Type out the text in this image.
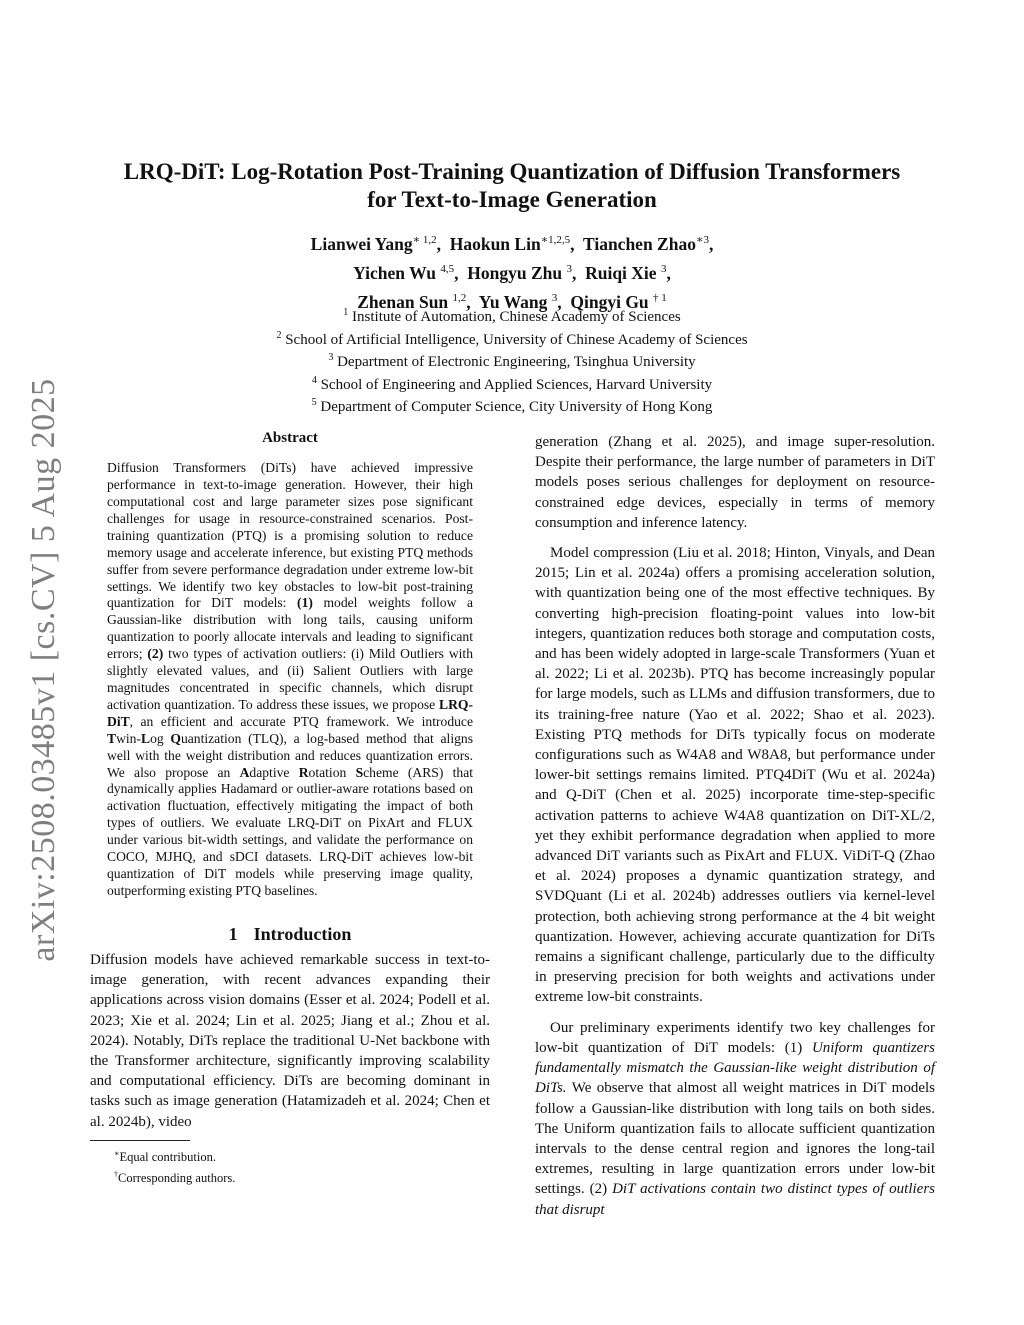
arXiv:2508.03485v1 [cs.CV] 5 Aug 2025
LRQ-DiT: Log-Rotation Post-Training Quantization of Diffusion Transformers
for Text-to-Image Generation
Lianwei Yang$^{∗ 1,2}$,  Haokun Lin$^{∗1,2,5}$,  Tianchen Zhao$^{∗3}$,
Yichen Wu $^{4,5}$,  Hongyu Zhu $^3$,  Ruiqi Xie $^3$,
Zhenan Sun $^{1,2}$,  Yu Wang $^3$,  Qingyi Gu $^{\dagger 1}$
$^1$ Institute of Automation, Chinese Academy of Sciences
$^2$ School of Artificial Intelligence, University of Chinese Academy of Sciences
$^3$ Department of Electronic Engineering, Tsinghua University
$^4$ School of Engineering and Applied Sciences, Harvard University
$^5$ Department of Computer Science, City University of Hong Kong
Abstract
Diffusion Transformers (DiTs) have achieved impressive performance in text-to-image generation. However, their high computational cost and large parameter sizes pose significant challenges for usage in resource-constrained scenarios. Post-training quantization (PTQ) is a promising solution to reduce memory usage and accelerate inference, but existing PTQ methods suffer from severe performance degradation under extreme low-bit settings. We identify two key obstacles to low-bit post-training quantization for DiT models: (1) model weights follow a Gaussian-like distribution with long tails, causing uniform quantization to poorly allocate intervals and leading to significant errors; (2) two types of activation outliers: (i) Mild Outliers with slightly elevated values, and (ii) Salient Outliers with large magnitudes concentrated in specific channels, which disrupt activation quantization. To address these issues, we propose LRQ-DiT, an efficient and accurate PTQ framework. We introduce Twin-Log Quantization (TLQ), a log-based method that aligns well with the weight distribution and reduces quantization errors. We also propose an Adaptive Rotation Scheme (ARS) that dynamically applies Hadamard or outlier-aware rotations based on activation fluctuation, effectively mitigating the impact of both types of outliers. We evaluate LRQ-DiT on PixArt and FLUX under various bit-width settings, and validate the performance on COCO, MJHQ, and sDCI datasets. LRQ-DiT achieves low-bit quantization of DiT models while preserving image quality, outperforming existing PTQ baselines.
1 Introduction

Diffusion models have achieved remarkable success in text-to-image generation, with recent advances expanding their applications across vision domains (Esser et al. 2024; Podell et al. 2023; Xie et al. 2024; Lin et al. 2025; Jiang et al.; Zhou et al. 2024). Notably, DiTs replace the traditional U-Net backbone with the Transformer architecture, significantly improving scalability and computational efficiency. DiTs are becoming dominant in tasks such as image generation (Hatamizadeh et al. 2024; Chen et al. 2024b), video

∗Equal contribution.
†Corresponding authors.

generation (Zhang et al. 2025), and image super-resolution. Despite their performance, the large number of parameters in DiT models poses serious challenges for deployment on resource-constrained edge devices, especially in terms of memory consumption and inference latency.

Model compression (Liu et al. 2018; Hinton, Vinyals, and Dean 2015; Lin et al. 2024a) offers a promising acceleration solution, with quantization being one of the most effective techniques. By converting high-precision floating-point values into low-bit integers, quantization reduces both storage and computation costs, and has been widely adopted in large-scale Transformers (Yuan et al. 2022; Li et al. 2023b). PTQ has become increasingly popular for large models, such as LLMs and diffusion transformers, due to its training-free nature (Yao et al. 2022; Shao et al. 2023). Existing PTQ methods for DiTs typically focus on moderate configurations such as W4A8 and W8A8, but performance under lower-bit settings remains limited. PTQ4DiT (Wu et al. 2024a) and Q-DiT (Chen et al. 2025) incorporate time-step-specific activation patterns to achieve W4A8 quantization on DiT-XL/2, yet they exhibit performance degradation when applied to more advanced DiT variants such as PixArt and FLUX. ViDiT-Q (Zhao et al. 2024) proposes a dynamic quantization strategy, and SVDQuant (Li et al. 2024b) addresses outliers via kernel-level protection, both achieving strong performance at the 4 bit weight quantization. However, achieving accurate quantization for DiTs remains a significant challenge, particularly due to the difficulty in preserving precision for both weights and activations under extreme low-bit constraints.

Our preliminary experiments identify two key challenges for low-bit quantization of DiT models: (1) Uniform quantizers fundamentally mismatch the Gaussian-like weight distribution of DiTs. We observe that almost all weight matrices in DiT models follow a Gaussian-like distribution with long tails on both sides. The Uniform quantization fails to allocate sufficient quantization intervals to the dense central region and ignores the long-tail extremes, resulting in large quantization errors under low-bit settings. (2) DiT activations contain two distinct types of outliers that disrupt
